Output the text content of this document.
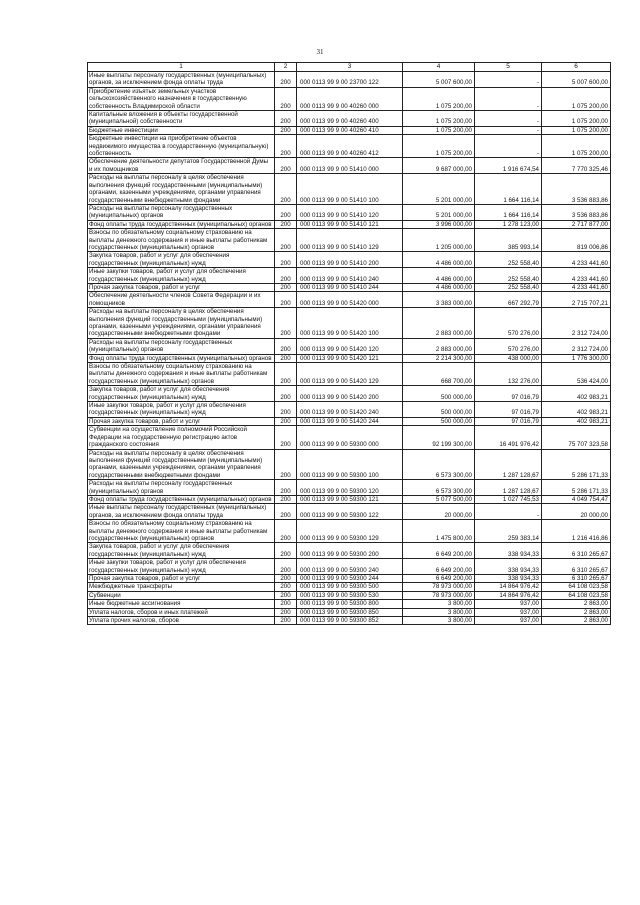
31
1	2	3	4	5	6
Иные выплаты персоналу государственных (муниципальных) органов, за исключением фонда оплаты труда	200	000 0113 99 9 00 23700 122	5 007 600,00	-	5 007 600,00
Приобретение изъятых земельных участков сельскохозяйственного назначения в государственную собственность Владимирской области	200	000 0113 99 9 00 40260 000	1 075 200,00	-	1 075 200,00
Капитальные вложения в объекты государственной (муниципальной) собственности	200	000 0113 99 9 00 40260 400	1 075 200,00	-	1 075 200,00
Бюджетные инвестиции	200	000 0113 99 9 00 40260 410	1 075 200,00	-	1 075 200,00
Бюджетные инвестиции на приобретение объектов недвижимого имущества в государственную (муниципальную) собственность	200	000 0113 99 9 00 40260 412	1 075 200,00	-	1 075 200,00
Обеспечение деятельности депутатов Государственной Думы и их помощников	200	000 0113 99 9 00 51410 000	9 687 000,00	1 916 674,54	7 770 325,46
Расходы на выплаты персоналу в целях обеспечения выполнения функций государственными (муниципальными) органами, казенными учреждениями, органами управления государственными внебюджетными фондами	200	000 0113 99 9 00 51410 100	5 201 000,00	1 664 116,14	3 536 883,86
Расходы на выплаты персоналу государственных (муниципальных) органов	200	000 0113 99 9 00 51410 120	5 201 000,00	1 664 116,14	3 536 883,86
Фонд оплаты труда государственных (муниципальных) органов	200	000 0113 99 9 00 51410 121	3 996 000,00	1 278 123,00	2 717 877,00
Взносы по обязательному социальному страхованию на выплаты денежного содержания и иные выплаты работникам государственных (муниципальных) органов	200	000 0113 99 9 00 51410 129	1 205 000,00	385 993,14	819 006,86
Закупка товаров, работ и услуг для обеспечения государственных (муниципальных) нужд	200	000 0113 99 9 00 51410 200	4 486 000,00	252 558,40	4 233 441,60
Иные закупки товаров, работ и услуг для обеспечения государственных (муниципальных) нужд	200	000 0113 99 9 00 51410 240	4 486 000,00	252 558,40	4 233 441,60
Прочая закупка товаров, работ и услуг	200	000 0113 99 9 00 51410 244	4 486 000,00	252 558,40	4 233 441,60
Обеспечение деятельности членов Совета Федерации и их помощников	200	000 0113 99 9 00 51420 000	3 383 000,00	667 292,79	2 715 707,21
Расходы на выплаты персоналу в целях обеспечения выполнения функций государственными (муниципальными) органами, казенными учреждениями, органами управления государственными внебюджетными фондами	200	000 0113 99 9 00 51420 100	2 883 000,00	570 276,00	2 312 724,00
Расходы на выплаты персоналу государственных (муниципальных) органов	200	000 0113 99 9 00 51420 120	2 883 000,00	570 276,00	2 312 724,00
Фонд оплаты труда государственных (муниципальных) органов	200	000 0113 99 9 00 51420 121	2 214 300,00	438 000,00	1 776 300,00
Взносы по обязательному социальному страхованию на выплаты денежного содержания и иные выплаты работникам государственных (муниципальных) органов	200	000 0113 99 9 00 51420 129	668 700,00	132 276,00	536 424,00
Закупка товаров, работ и услуг для обеспечения государственных (муниципальных) нужд	200	000 0113 99 9 00 51420 200	500 000,00	97 016,79	402 983,21
Иные закупки товаров, работ и услуг для обеспечения государственных (муниципальных) нужд	200	000 0113 99 9 00 51420 240	500 000,00	97 016,79	402 983,21
Прочая закупка товаров, работ и услуг	200	000 0113 99 9 00 51420 244	500 000,00	97 016,79	402 983,21
Субвенции на осуществление полномочий Российской Федерации на государственную регистрацию актов гражданского состояния	200	000 0113 99 9 00 59300 000	92 199 300,00	16 491 976,42	75 707 323,58
Расходы на выплаты персоналу в целях обеспечения выполнения функций государственными (муниципальными) органами, казенными учреждениями, органами управления государственными внебюджетными фондами	200	000 0113 99 9 00 59300 100	6 573 300,00	1 287 128,67	5 286 171,33
Расходы на выплаты персоналу государственных (муниципальных) органов	200	000 0113 99 9 00 59300 120	6 573 300,00	1 287 128,67	5 286 171,33
Фонд оплаты труда государственных (муниципальных) органов	200	000 0113 99 9 00 59300 121	5 077 500,00	1 027 745,53	4 049 754,47
Иные выплаты персоналу государственных (муниципальных) органов, за исключением фонда оплаты труда	200	000 0113 99 9 00 59300 122	20 000,00	-	20 000,00
Взносы по обязательному социальному страхованию на выплаты денежного содержания и иные выплаты работникам государственных (муниципальных) органов	200	000 0113 99 9 00 59300 129	1 475 800,00	259 383,14	1 216 416,86
Закупка товаров, работ и услуг для обеспечения государственных (муниципальных) нужд	200	000 0113 99 9 00 59300 200	6 649 200,00	338 934,33	6 310 265,67
Иные закупки товаров, работ и услуг для обеспечения государственных (муниципальных) нужд	200	000 0113 99 9 00 59300 240	6 649 200,00	338 934,33	6 310 265,67
Прочая закупка товаров, работ и услуг	200	000 0113 99 9 00 59300 244	6 649 200,00	338 934,33	6 310 265,67
Межбюджетные трансферты	200	000 0113 99 9 00 59300 500	78 973 000,00	14 864 976,42	64 108 023,58
Субвенции	200	000 0113 99 9 00 59300 530	78 973 000,00	14 864 976,42	64 108 023,58
Иные бюджетные ассигнования	200	000 0113 99 9 00 59300 800	3 800,00	937,00	2 863,00
Уплата налогов, сборов и иных платежей	200	000 0113 99 9 00 59300 850	3 800,00	937,00	2 863,00
Уплата прочих налогов, сборов	200	000 0113 99 9 00 59300 852	3 800,00	937,00	2 863,00
